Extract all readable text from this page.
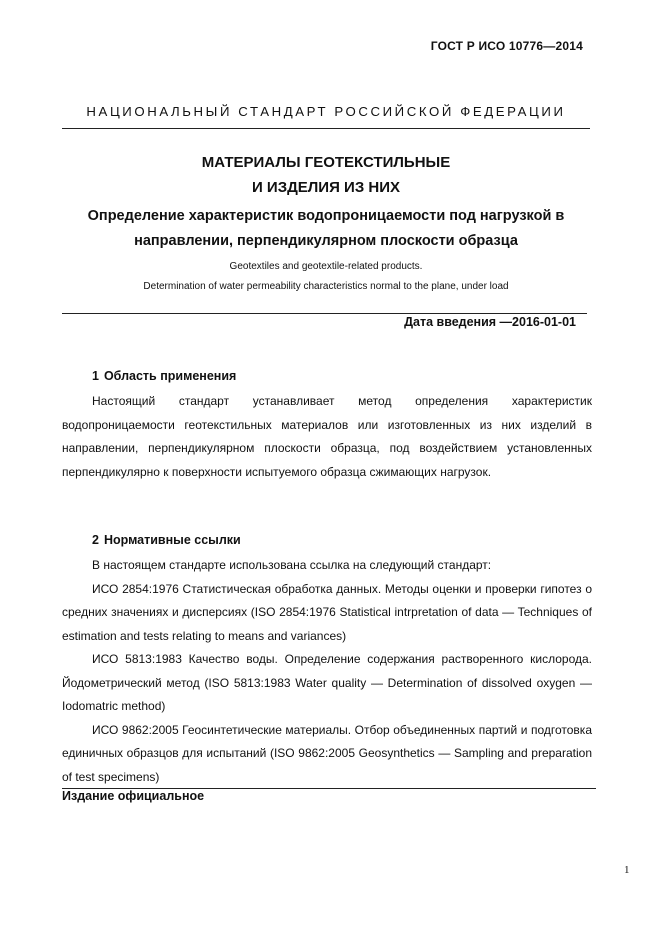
ГОСТ Р ИСО 10776—2014
НАЦИОНАЛЬНЫЙ СТАНДАРТ РОССИЙСКОЙ ФЕДЕРАЦИИ
МАТЕРИАЛЫ ГЕОТЕКСТИЛЬНЫЕ
И ИЗДЕЛИЯ ИЗ НИХ
Определение характеристик водопроницаемости под нагрузкой в
направлении, перпендикулярном плоскости образца
Geotextiles and geotextile-related products.
Determination of water permeability characteristics normal to the plane, under load
Дата введения —2016-01-01
1 Область применения

Настоящий стандарт устанавливает метод определения характеристик водопроницаемости геотекстильных материалов или изготовленных из них изделий в направлении, перпендикулярном плоскости образца, под воздействием установленных перпендикулярно к поверхности испытуемого образца сжимающих нагрузок.

2 Нормативные ссылки

В настоящем стандарте использована ссылка на следующий стандарт:

ИСО 2854:1976 Статистическая обработка данных. Методы оценки и проверки гипотез о средних значениях и дисперсиях (ISO 2854:1976 Statistical intrpretation of data — Techniques of estimation and tests relating to means and variances)

ИСО 5813:1983 Качество воды. Определение содержания растворенного кислорода. Йодометрический метод (ISO 5813:1983 Water quality — Determination of dissolved oxygen — Iodomatric method)

ИСО 9862:2005 Геосинтетические материалы. Отбор объединенных партий и подготовка единичных образцов для испытаний (ISO 9862:2005 Geosynthetics — Sampling and preparation of test specimens)

Издание официальное
1
